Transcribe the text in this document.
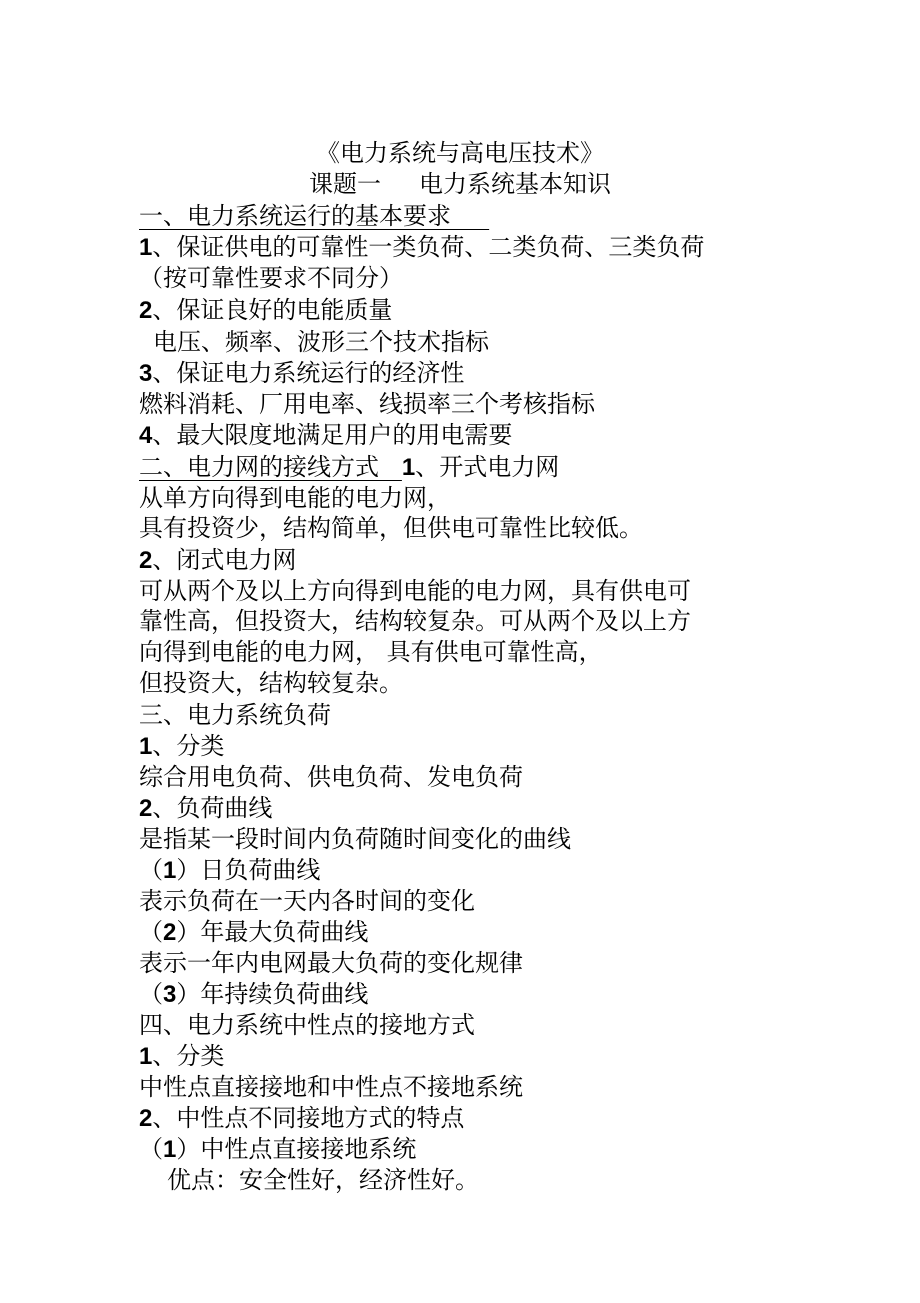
《电力系统与高电压技术》
课题一 电力系统基本知识
一、电力系统运行的基本要求
1、保证供电的可靠性一类负荷、二类负荷、三类负荷
（按可靠性要求不同分）
2、保证良好的电能质量
电压、频率、波形三个技术指标
3、保证电力系统运行的经济性
燃料消耗、厂用电率、线损率三个考核指标
4、最大限度地满足用户的用电需要
二、电力网的接线方式 1、开式电力网
从单方向得到电能的电力网，
具有投资少，结构简单，但供电可靠性比较低。
2、闭式电力网
可从两个及以上方向得到电能的电力网，具有供电可
靠性高，但投资大，结构较复杂。可从两个及以上方
向得到电能的电力网， 具有供电可靠性高，
但投资大，结构较复杂。
三、电力系统负荷
1、分类
综合用电负荷、供电负荷、发电负荷
2、负荷曲线
是指某一段时间内负荷随时间变化的曲线
（1）日负荷曲线
表示负荷在一天内各时间的变化
（2）年最大负荷曲线
表示一年内电网最大负荷的变化规律
（3）年持续负荷曲线
四、电力系统中性点的接地方式
1、分类
中性点直接接地和中性点不接地系统
2、中性点不同接地方式的特点
（1）中性点直接接地系统
优点：安全性好，经济性好。
